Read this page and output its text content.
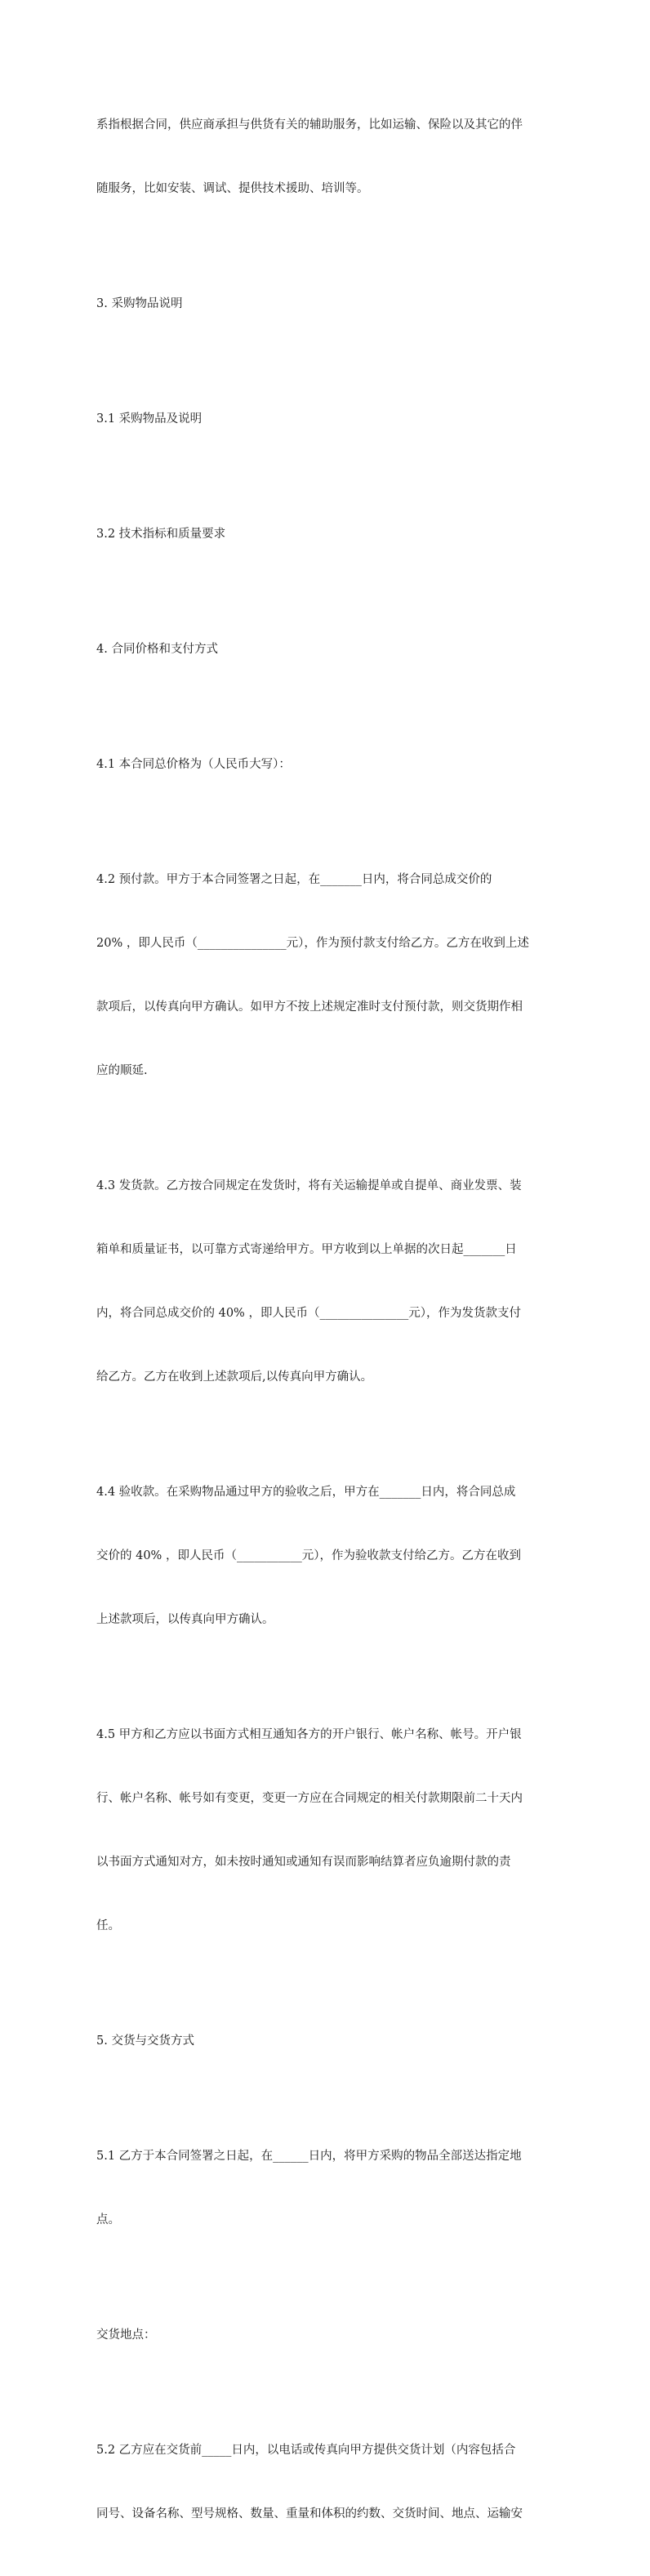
系指根据合同，供应商承担与供货有关的辅助服务，比如运输、保险以及其它的伴

随服务，比如安装、调试、提供技术援助、培训等。

3. 采购物品说明

3.1 采购物品及说明

3.2 技术指标和质量要求

4. 合同价格和支付方式

4.1 本合同总价格为（人民币大写）：

4.2 预付款。甲方于本合同签署之日起，在_______日内，将合同总成交价的

20% ，即人民币（_______________元），作为预付款支付给乙方。乙方在收到上述

款项后，以传真向甲方确认。如甲方不按上述规定准时支付预付款，则交货期作相

应的顺延.

4.3 发货款。乙方按合同规定在发货时，将有关运输提单或自提单、商业发票、装

箱单和质量证书，以可靠方式寄递给甲方。甲方收到以上单据的次日起_______日

内，将合同总成交价的 40% ，即人民币（_______________元），作为发货款支付

给乙方。乙方在收到上述款项后,以传真向甲方确认。

4.4 验收款。在采购物品通过甲方的验收之后，甲方在_______日内，将合同总成

交价的 40% ，即人民币（___________元），作为验收款支付给乙方。乙方在收到

上述款项后，以传真向甲方确认。

4.5 甲方和乙方应以书面方式相互通知各方的开户银行、帐户名称、帐号。开户银

行、帐户名称、帐号如有变更，变更一方应在合同规定的相关付款期限前二十天内

以书面方式通知对方，如未按时通知或通知有误而影响结算者应负逾期付款的责

任。

5. 交货与交货方式

5.1 乙方于本合同签署之日起，在______日内，将甲方采购的物品全部送达指定地

点。

交货地点：

5.2 乙方应在交货前_____日内，以电话或传真向甲方提供交货计划（内容包括合

同号、设备名称、型号规格、数量、重量和体积的约数、交货时间、地点、运输安
